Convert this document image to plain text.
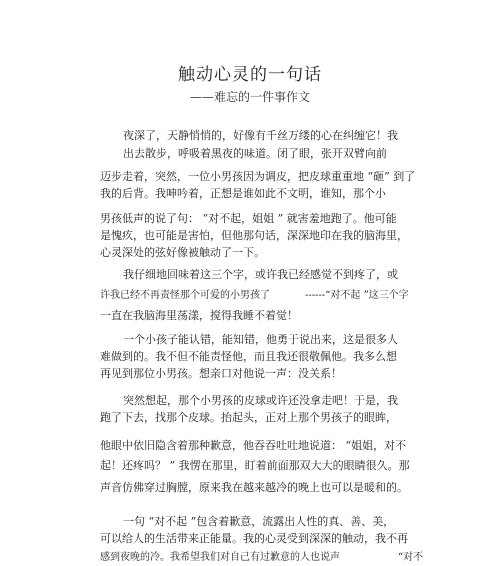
触动心灵的一句话
——难忘的一件事作文
夜深了，天静悄悄的，好像有千丝万缕的心在纠缠它！我
出去散步，呼吸着黑夜的味道。闭了眼，张开双臂向前
迈步走着，突然，一位小男孩因为调皮，把皮球重重地 “砸” 到了
我的后背。我呻吟着，正想是谁如此不文明，谁知，那个小
男孩低声的说了句： “对不起，姐姐 ” 就害羞地跑了。他可能
是愧疚，也可能是害怕，但他那句话，深深地印在我的脑海里，
心灵深处的弦好像被触动了一下。
我仔细地回味着这三个字，或许我已经感觉不到疼了，或
许我已经不再责怪那个可爱的小男孩了	------“对不起 ”这三个字
一直在我脑海里荡漾，搅得我睡不着觉！
一个小孩子能认错，能知错，他勇于说出来，这是很多人
难做到的。我不但不能责怪他，而且我还很敬佩他。我多么想
再见到那位小男孩。想亲口对他说一声：没关系！
突然想起，那个小男孩的皮球或许还没拿走吧！于是，我
跑了下去，找那个皮球。抬起头，正对上那个男孩子的眼眸，
他眼中依旧隐含着那种歉意，他吞吞吐吐地说道： “姐姐，对不
起！还疼吗？ ” 我愣在那里，盯着前面那双大大的眼睛很久。那
声音仿佛穿过胸膛，原来我在越来越冷的晚上也可以是暖和的。
一句 “对不起 ”包含着歉意，流露出人性的真、善、美，
可以给人的生活带来正能量。我的心灵受到深深的触动，我不再
感到夜晚的冷。我希望我们对自己有过歉意的人也说声	“对不
